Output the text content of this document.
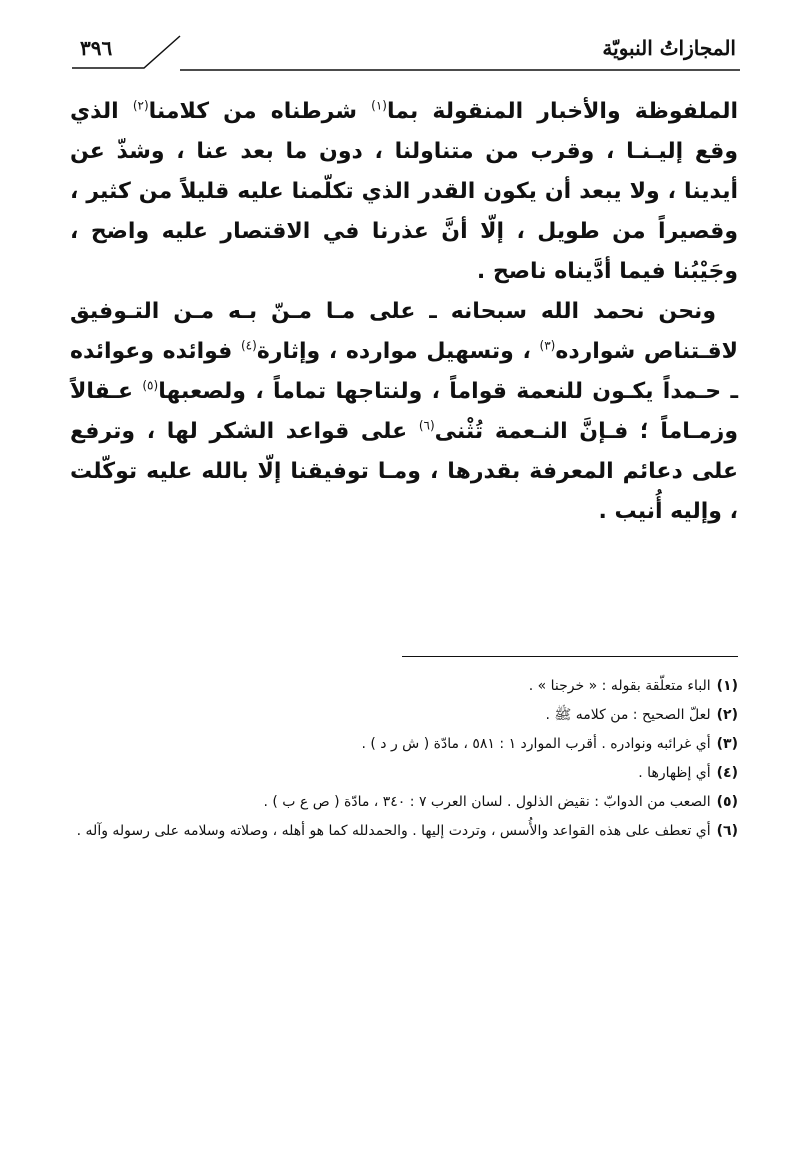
المجازاتُ النبويّة
٣٩٦

الملفوظة والأخبار المنقولة بما$^{(١)}$ شرطناه من كلامنا$^{(٢)}$ الذي وقع إليـنـا ، وقرب من متناولنا ، دون ما بعد عنا ، وشذّ عن أيدينا ، ولا يبعد أن يكون القدر الذي تكلّمنا عليه قليلاً من كثير ، وقصيراً من طويل ، إلّا أنَّ عذرنا في الاقتصار عليه واضح ، وجَيْبُنا فيما أدَّيناه ناصح .

ونحن نحمد الله سبحانه ـ على مـا مـنّ بـه مـن التـوفيق لاقـتناص شوارده$^{(٣)}$ ، وتسهيل موارده ، وإثارة$^{(٤)}$ فوائده وعوائده ـ حـمداً يكـون للنعمة قواماً ، ولنتاجها تماماً ، ولصعبها$^{(٥)}$ عـقالاً وزمـاماً ؛ فـإنَّ النـعمة تُثْنى$^{(٦)}$ على قواعد الشكر لها ، وترفع على دعائم المعرفة بقدرها ، ومـا توفيقنا إلّا بالله عليه توكّلت ، وإليه أُنيب .

(١)
الباء متعلّقة بقوله : « خرجنا » .
(٢)
لعلّ الصحيح : من كلامه ﷺ .
(٣)
أي غرائبه ونوادره . أقرب الموارد ١ : ٥٨١ ، مادّة ( ش ر د ) .
(٤)
أي إظهارها .
(٥)
الصعب من الدوابّ : نقيض الذلول . لسان العرب ٧ : ٣٤٠ ، مادّة ( ص ع ب ) .
(٦)
أي تعطف على هذه القواعد والأُسس ، وتردت إليها . والحمدلله كما هو أهله ، وصلاته وسلامه على رسوله وآله .
